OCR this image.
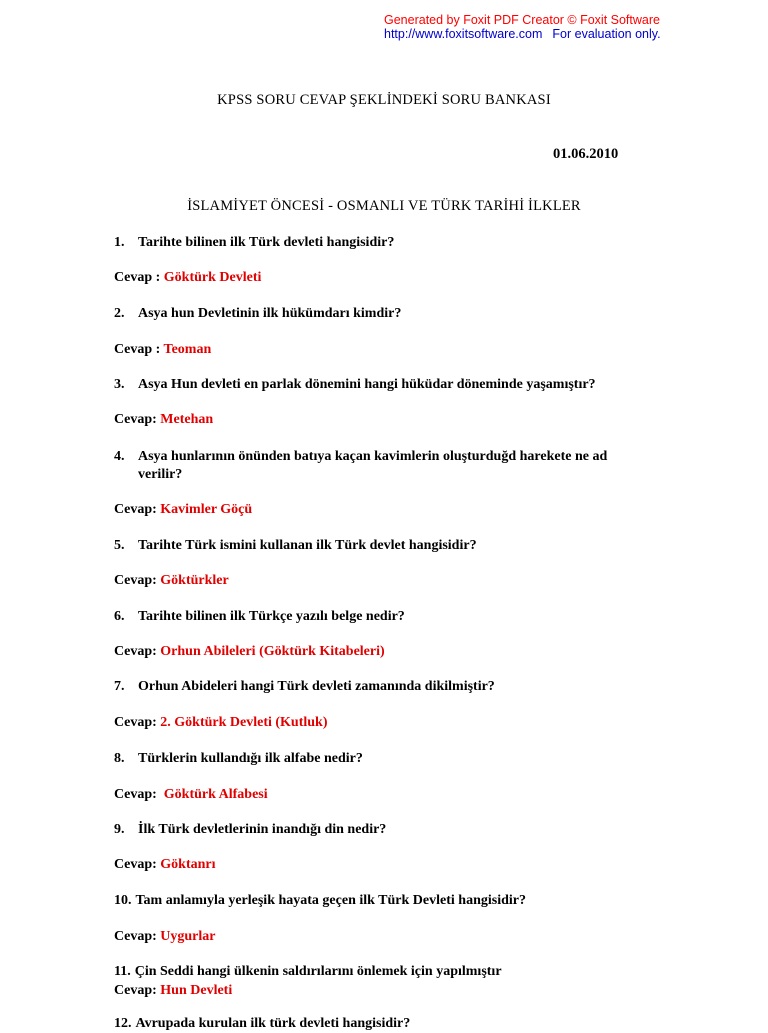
Generated by Foxit PDF Creator © Foxit Software
http://www.foxitsoftware.com For evaluation only.
KPSS SORU CEVAP ŞEKLİNDEKİ SORU BANKASI
01.06.2010
İSLAMİYET ÖNCESİ - OSMANLI VE TÜRK TARİHİ İLKLER
1. Tarihte bilinen ilk Türk devleti hangisidir?
Cevap : Göktürk Devleti
2. Asya hun Devletinin ilk hükümdarı kimdir?
Cevap : Teoman
3. Asya Hun devleti en parlak dönemini hangi hüküdar döneminde yaşamıştır?
Cevap: Metehan
4. Asya hunlarının önünden batıya kaçan kavimlerin oluşturduğd harekete ne ad
verilir?
Cevap: Kavimler Göçü
5. Tarihte Türk ismini kullanan ilk Türk devlet hangisidir?
Cevap: Göktürkler
6. Tarihte bilinen ilk Türkçe yazılı belge nedir?
Cevap: Orhun Abileleri (Göktürk Kitabeleri)
7. Orhun Abideleri hangi Türk devleti zamanında dikilmiştir?
Cevap: 2. Göktürk Devleti (Kutluk)
8. Türklerin kullandığı ilk alfabe nedir?
Cevap:  Göktürk Alfabesi
9. İlk Türk devletlerinin inandığı din nedir?
Cevap: Göktanrı
10. Tam anlamıyla yerleşik hayata geçen ilk Türk Devleti hangisidir?
Cevap: Uygurlar
11. Çin Seddi hangi ülkenin saldırılarını önlemek için yapılmıştır
Cevap: Hun Devleti
12. Avrupada kurulan ilk türk devleti hangisidir?
